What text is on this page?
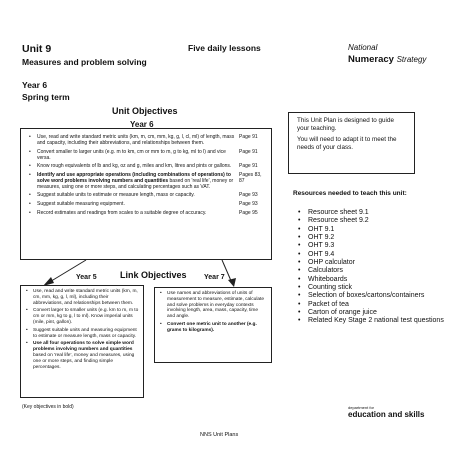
Unit 9
Measures and problem solving
Five daily lessons	National
Numeracy Strategy
Year 6
Spring term
Unit Objectives
Year 6
•	Use, read and write standard metric units (km, m, cm, mm, kg, g, l, cl, ml) of length, mass and capacity, including their abbreviations, and relationships between them.
Page 91
•	Convert smaller to larger units (e.g. m to km, cm or mm to m, g to kg, ml to l) and vice versa.
Page 91
•	Know rough equivalents of lb and kg, oz and g, miles and km, litres and pints or gallons.	Page 91
•	Identify and use appropriate operations (including combinations of operations) to solve word problems involving numbers and quantities based on 'real life', money or measures, using one or more steps, and calculating percentages such as VAT.
Pages 83, 87
•	Suggest suitable units to estimate or measure length, mass or capacity.	Page 93
•	Suggest suitable measuring equipment.	Page 93
•	Record estimates and readings from scales to a suitable degree of accuracy.	Page 95
Year 5	Link Objectives Year 7
•	Use, read and write standard metric units (km, m, cm, mm, kg, g, l, ml), including their abbreviations, and relationships between them.
•	Convert larger to smaller units (e.g. km to m, m to cm or mm, kg to g, l to ml). Know imperial units (mile, pint, gallon).
•	Suggest suitable units and measuring equipment to estimate or measure length, mass or capacity.
•	Use all four operations to solve simple word problems involving numbers and quantities based on 'real life', money and measures, using one or more steps, and finding simple percentages.
•	Use names and abbreviations of units of measurement to measure, estimate, calculate and solve problems in everyday contexts involving length, area, mass, capacity, time and angle.
•	Convert one metric unit to another (e.g. grams to kilograms).
(Key objectives in bold)
NNS Unit Plans

This Unit Plan is designed to guide your teaching.

You will need to adapt it to meet the needs of your class.

Resources needed to teach this unit:
•	Resource sheet 9.1
•	Resource sheet 9.2
•	OHT 9.1
•	OHT 9.2
•	OHT 9.3
•	OHT 9.4
•	OHP calculator
•	Calculators
•	Whiteboards
•	Counting stick
•	Selection of boxes/cartons/containers
•	Packet of tea
•	Carton of orange juice
•	Related Key Stage 2 national test questions
department for
education and skills
